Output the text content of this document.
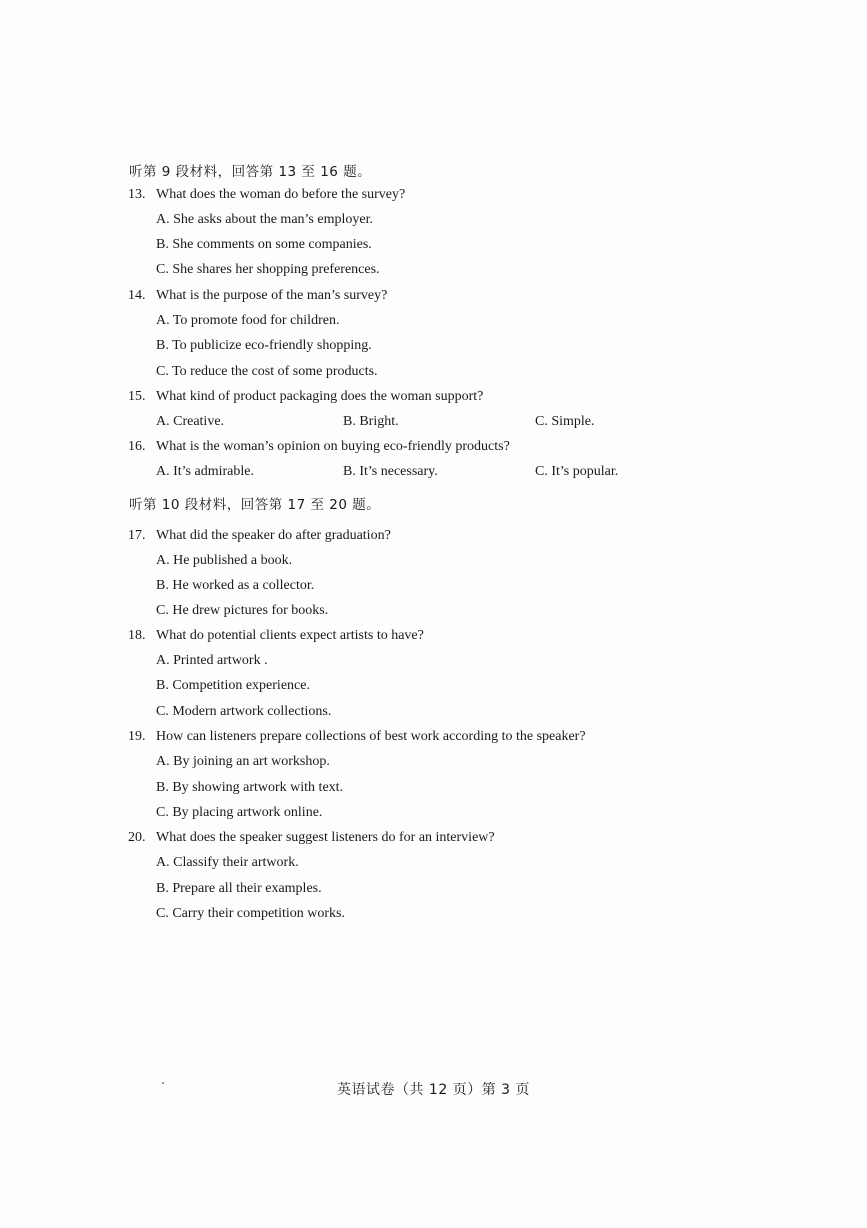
听第 9 段材料，回答第 13 至 16 题。
13. What does the woman do before the survey?
A. She asks about the man’s employer.
B. She comments on some companies.
C. She shares her shopping preferences.
14. What is the purpose of the man’s survey?
A. To promote food for children.
B. To publicize eco-friendly shopping.
C. To reduce the cost of some products.
15. What kind of product packaging does the woman support?
A. Creative.	B. Bright.	C. Simple.
16. What is the woman’s opinion on buying eco-friendly products?
A. It’s admirable.	B. It’s necessary.	C. It’s popular.
听第 10 段材料，回答第 17 至 20 题。
17. What did the speaker do after graduation?
A. He published a book.
B. He worked as a collector.
C. He drew pictures for books.
18. What do potential clients expect artists to have?
A. Printed artwork .
B. Competition experience.
C. Modern artwork collections.
19. How can listeners prepare collections of best work according to the speaker?
A. By joining an art workshop.
B. By showing artwork with text.
C. By placing artwork online.
20. What does the speaker suggest listeners do for an interview?
A. Classify their artwork.
B. Prepare all their examples.
C. Carry their competition works.
英语试卷（共 12 页）第 3 页
